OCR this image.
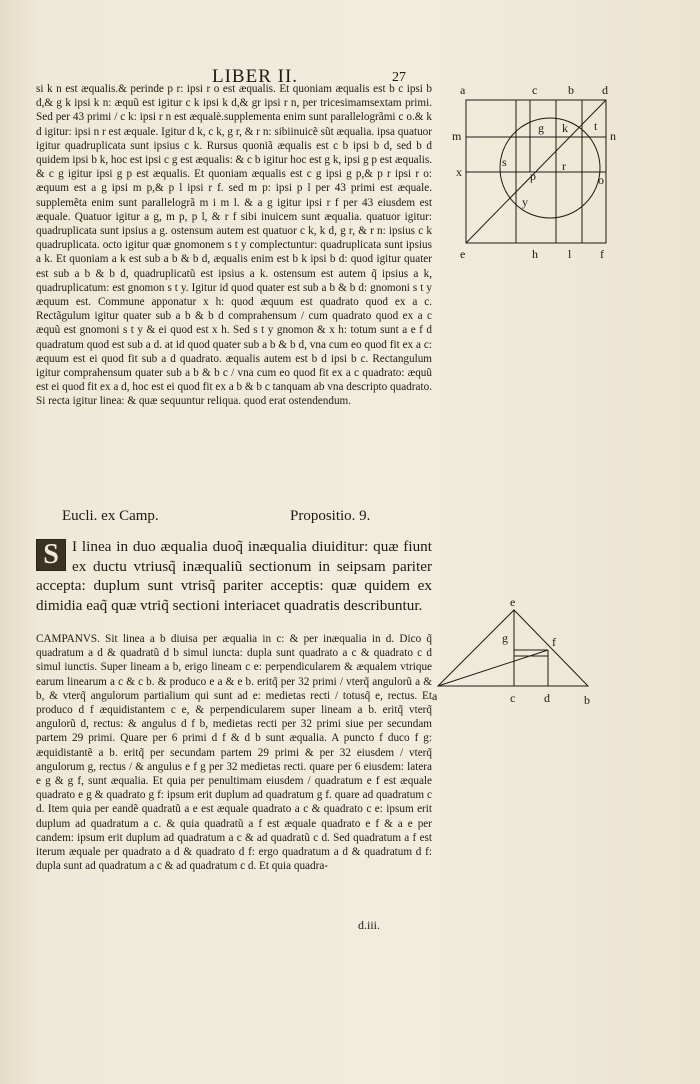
LIBER II.	27

si k n est æqualis.& perinde p r: ipsi r o est æqualis. Et quoniam æqualis est b c ipsi b d,& g k ipsi k n: æquũ est igitur c k ipsi k d,& gr ipsi r n, per tricesimamsextam primi. Sed per 43 primi / c k: ipsi r n est æqualè.supplementa enim sunt parallelogrãmi c o.& k d igitur: ipsi n r est æquale. Igitur d k, c k, g r, & r n: sibiinuicẽ sũt æqualia. ipsa quatuor igitur quadruplicata sunt ipsius c k. Rursus quoniã æqualis est c b ipsi b d, sed b d quidem ipsi b k, hoc est ipsi c g est æqualis: & c b igitur hoc est g k, ipsi g p est æqualis. & c g igitur ipsi g p est æqualis. Et quoniam æqualis est c g ipsi g p,& p r ipsi r o: æquum est a g ipsi m p,& p l ipsi r f. sed m p: ipsi p l per 43 primi est æquale. supplemẽta enim sunt parallelogrã m i m l. & a g igitur ipsi r f per 43 eiusdem est æquale. Quatuor igitur a g, m p, p l, & r f sibi inuicem sunt æqualia. quatuor igitur: quadruplicata sunt ipsius a g. ostensum autem est quatuor c k, k d, g r, & r n: ipsius c k quadruplicata. octo igitur quæ gnomonem s t y complectuntur: quadruplicata sunt ipsius a k. Et quoniam a k est sub a b & b d, æqualis enim est b k ipsi b d: quod igitur quater est sub a b & b d, quadruplicatũ est ipsius a k. ostensum est autem q̃ ipsius a k, quadruplicatum: est gnomon s t y. Igitur id quod quater est sub a b & b d: gnomoni s t y æquum est. Commune apponatur x h: quod æquum est quadrato quod ex a c. Rectãgulum igitur quater sub a b & b d comprahensum / cum quadrato quod ex a c æquũ est gnomoni s t y & ei quod est x h. Sed s t y gnomon & x h: totum sunt a e f d quadratum quod est sub a d. at id quod quater sub a b & b d, vna cum eo quod fit ex a c: æquum est ei quod fit sub a d quadrato. æqualis autem est b d ipsi b c. Rectangulum igitur comprahensum quater sub a b & b c / vna cum eo quod fit ex a c quadrato: æquũ est ei quod fit ex a d, hoc est ei quod fit ex a b & b c tanquam ab vna descripto quadrato. Si recta igitur linea: & quæ sequuntur reliqua. quod erat ostendendum.

Eucli. ex Camp.	Propositio. 9.
S I linea in duo æqualia duoq̃ inæqualia diuiditur: quæ fiunt ex ductu vtriusq̃ inæqualiũ sectionum in seipsam pariter accepta: duplum sunt vtrisq̃ pariter acceptis: quæ quidem ex dimidia eaq̃ quæ vtriq̃ sectioni interiacet quadratis describuntur.

CAMPANVS. Sit linea a b diuisa per æqualia in c: & per inæqualia in d. Dico q̃ quadratum a d & quadratũ d b simul iuncta: dupla sunt quadrato a c & quadrato c d simul iunctis. Super lineam a b, erigo lineam c e: perpendicularem & æqualem vtrique earum linearum a c & c b. & produco e a & e b. eritq̃ per 32 primi / vterq̃ angulorũ a & b, & vterq̃ angulorum partialium qui sunt ad e: medietas recti / totusq̃ e, rectus. Et produco d f æquidistantem c e, & perpendicularem super lineam a b. eritq̃ vterq̃ angulorũ d, rectus: & angulus d f b, medietas recti per 32 primi siue per secundam partem 29 primi. Quare per 6 primi d f & d b sunt æqualia. A puncto f duco f g: æquidistantẽ a b. eritq̃ per secundam partem 29 primi & per 32 eiusdem / vterq̃ angulorum g, rectus / & angulus e f g per 32 medietas recti. quare per 6 eiusdem: latera e g & g f, sunt æqualia. Et quia per penultimam eiusdem / quadratum e f est æquale quadrato e g & quadrato g f: ipsum erit duplum ad quadratum g f. quare ad quadratum c d. Item quia per eandẽ quadratũ a e est æquale quadrato a c & quadrato c e: ipsum erit duplum ad quadratum a c. & quia quadratũ a f est æquale quadrato e f & a e per candem: ipsum erit duplum ad quadratum a c & ad quadratũ c d. Sed quadratum a f est iterum æquale per quadrato a d & quadrato d f: ergo quadratum a d & quadratum d f: dupla sunt ad quadratum a c & ad quadratum c d. Et quia quadra-

d.iii.
a	c	b d
m
g k t
n
x
s
p
r
o
y
e	h	l f
e
g	f
a	c d	b
